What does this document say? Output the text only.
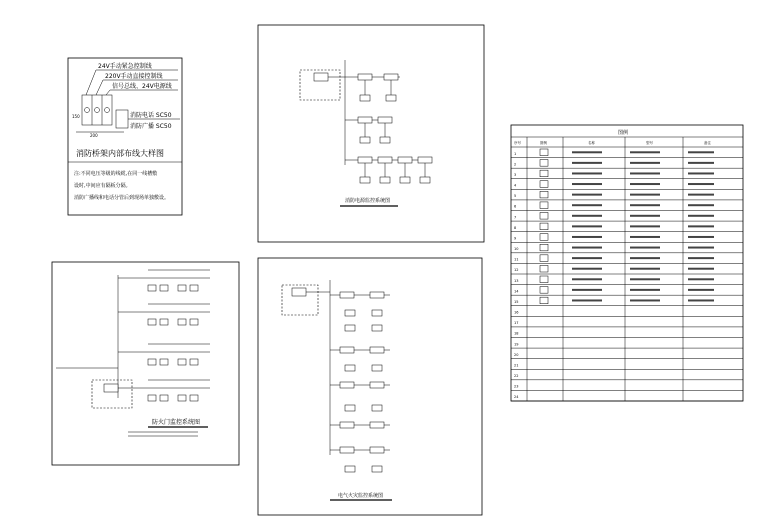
24V手动紧急控制线
220V手动直接控制线
信号总线、24V电源线
消防电话 SC50
消防广播 SC50
150
200
消防桥架内部布线大样图
注:不同电压等级的线缆,在同一线槽敷
设时,中间应有隔板分隔。
消防广播线和电话分管后到现场单独敷设。	消防电源监控系统图
防火门监控系统图
电气火灾监控系统图
图例
序号	图例	名称	型号	备注
1
2
3
4
5
6
7
8
9
10
11
12
13
14
15
16
17
18
19
20
21
22
23
24
